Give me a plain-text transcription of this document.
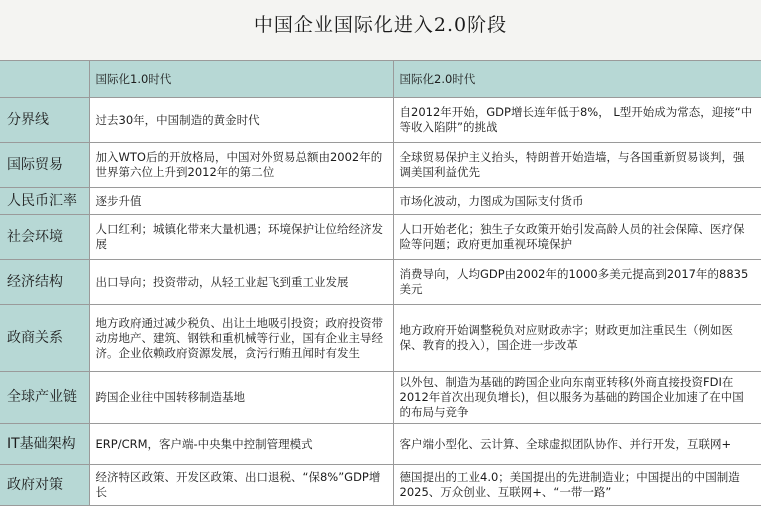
中国企业国际化进入2.0阶段
	国际化1.0时代	国际化2.0时代
分界线	过去30年，中国制造的黄金时代	自2012年开始，GDP增长连年低于8%， L型开始成为常态，迎接“中等收入陷阱”的挑战
国际贸易	加入WTO后的开放格局，中国对外贸易总额由2002年的世界第六位上升到2012年的第二位	全球贸易保护主义抬头，特朗普开始造墙，与各国重新贸易谈判，强调美国利益优先
人民币汇率	逐步升值	市场化波动，力图成为国际支付货币
社会环境	人口红利；城镇化带来大量机遇；环境保护让位给经济发展	人口开始老化；独生子女政策开始引发高龄人员的社会保障、医疗保险等问题；政府更加重视环境保护
经济结构	出口导向；投资带动，从轻工业起飞到重工业发展	消费导向，人均GDP由2002年的1000多美元提高到2017年的8835美元
政商关系	地方政府通过减少税负、出让土地吸引投资；政府投资带动房地产、建筑、钢铁和重机械等行业，国有企业主导经济。企业依赖政府资源发展，贪污行贿丑闻时有发生	地方政府开始调整税负对应财政赤字；财政更加注重民生（例如医保、教育的投入），国企进一步改革
全球产业链	跨国企业往中国转移制造基地	以外包、制造为基础的跨国企业向东南亚转移(外商直接投资FDI在2012年首次出现负增长)，但以服务为基础的跨国企业加速了在中国的布局与竞争
IT基础架构	ERP/CRM，客户端-中央集中控制管理模式	客户端小型化、云计算、全球虚拟团队协作、并行开发，互联网+
政府对策	经济特区政策、开发区政策、出口退税、“保8%”GDP增长	德国提出的工业4.0；美国提出的先进制造业；中国提出的中国制造2025、万众创业、互联网+、“一带一路”
